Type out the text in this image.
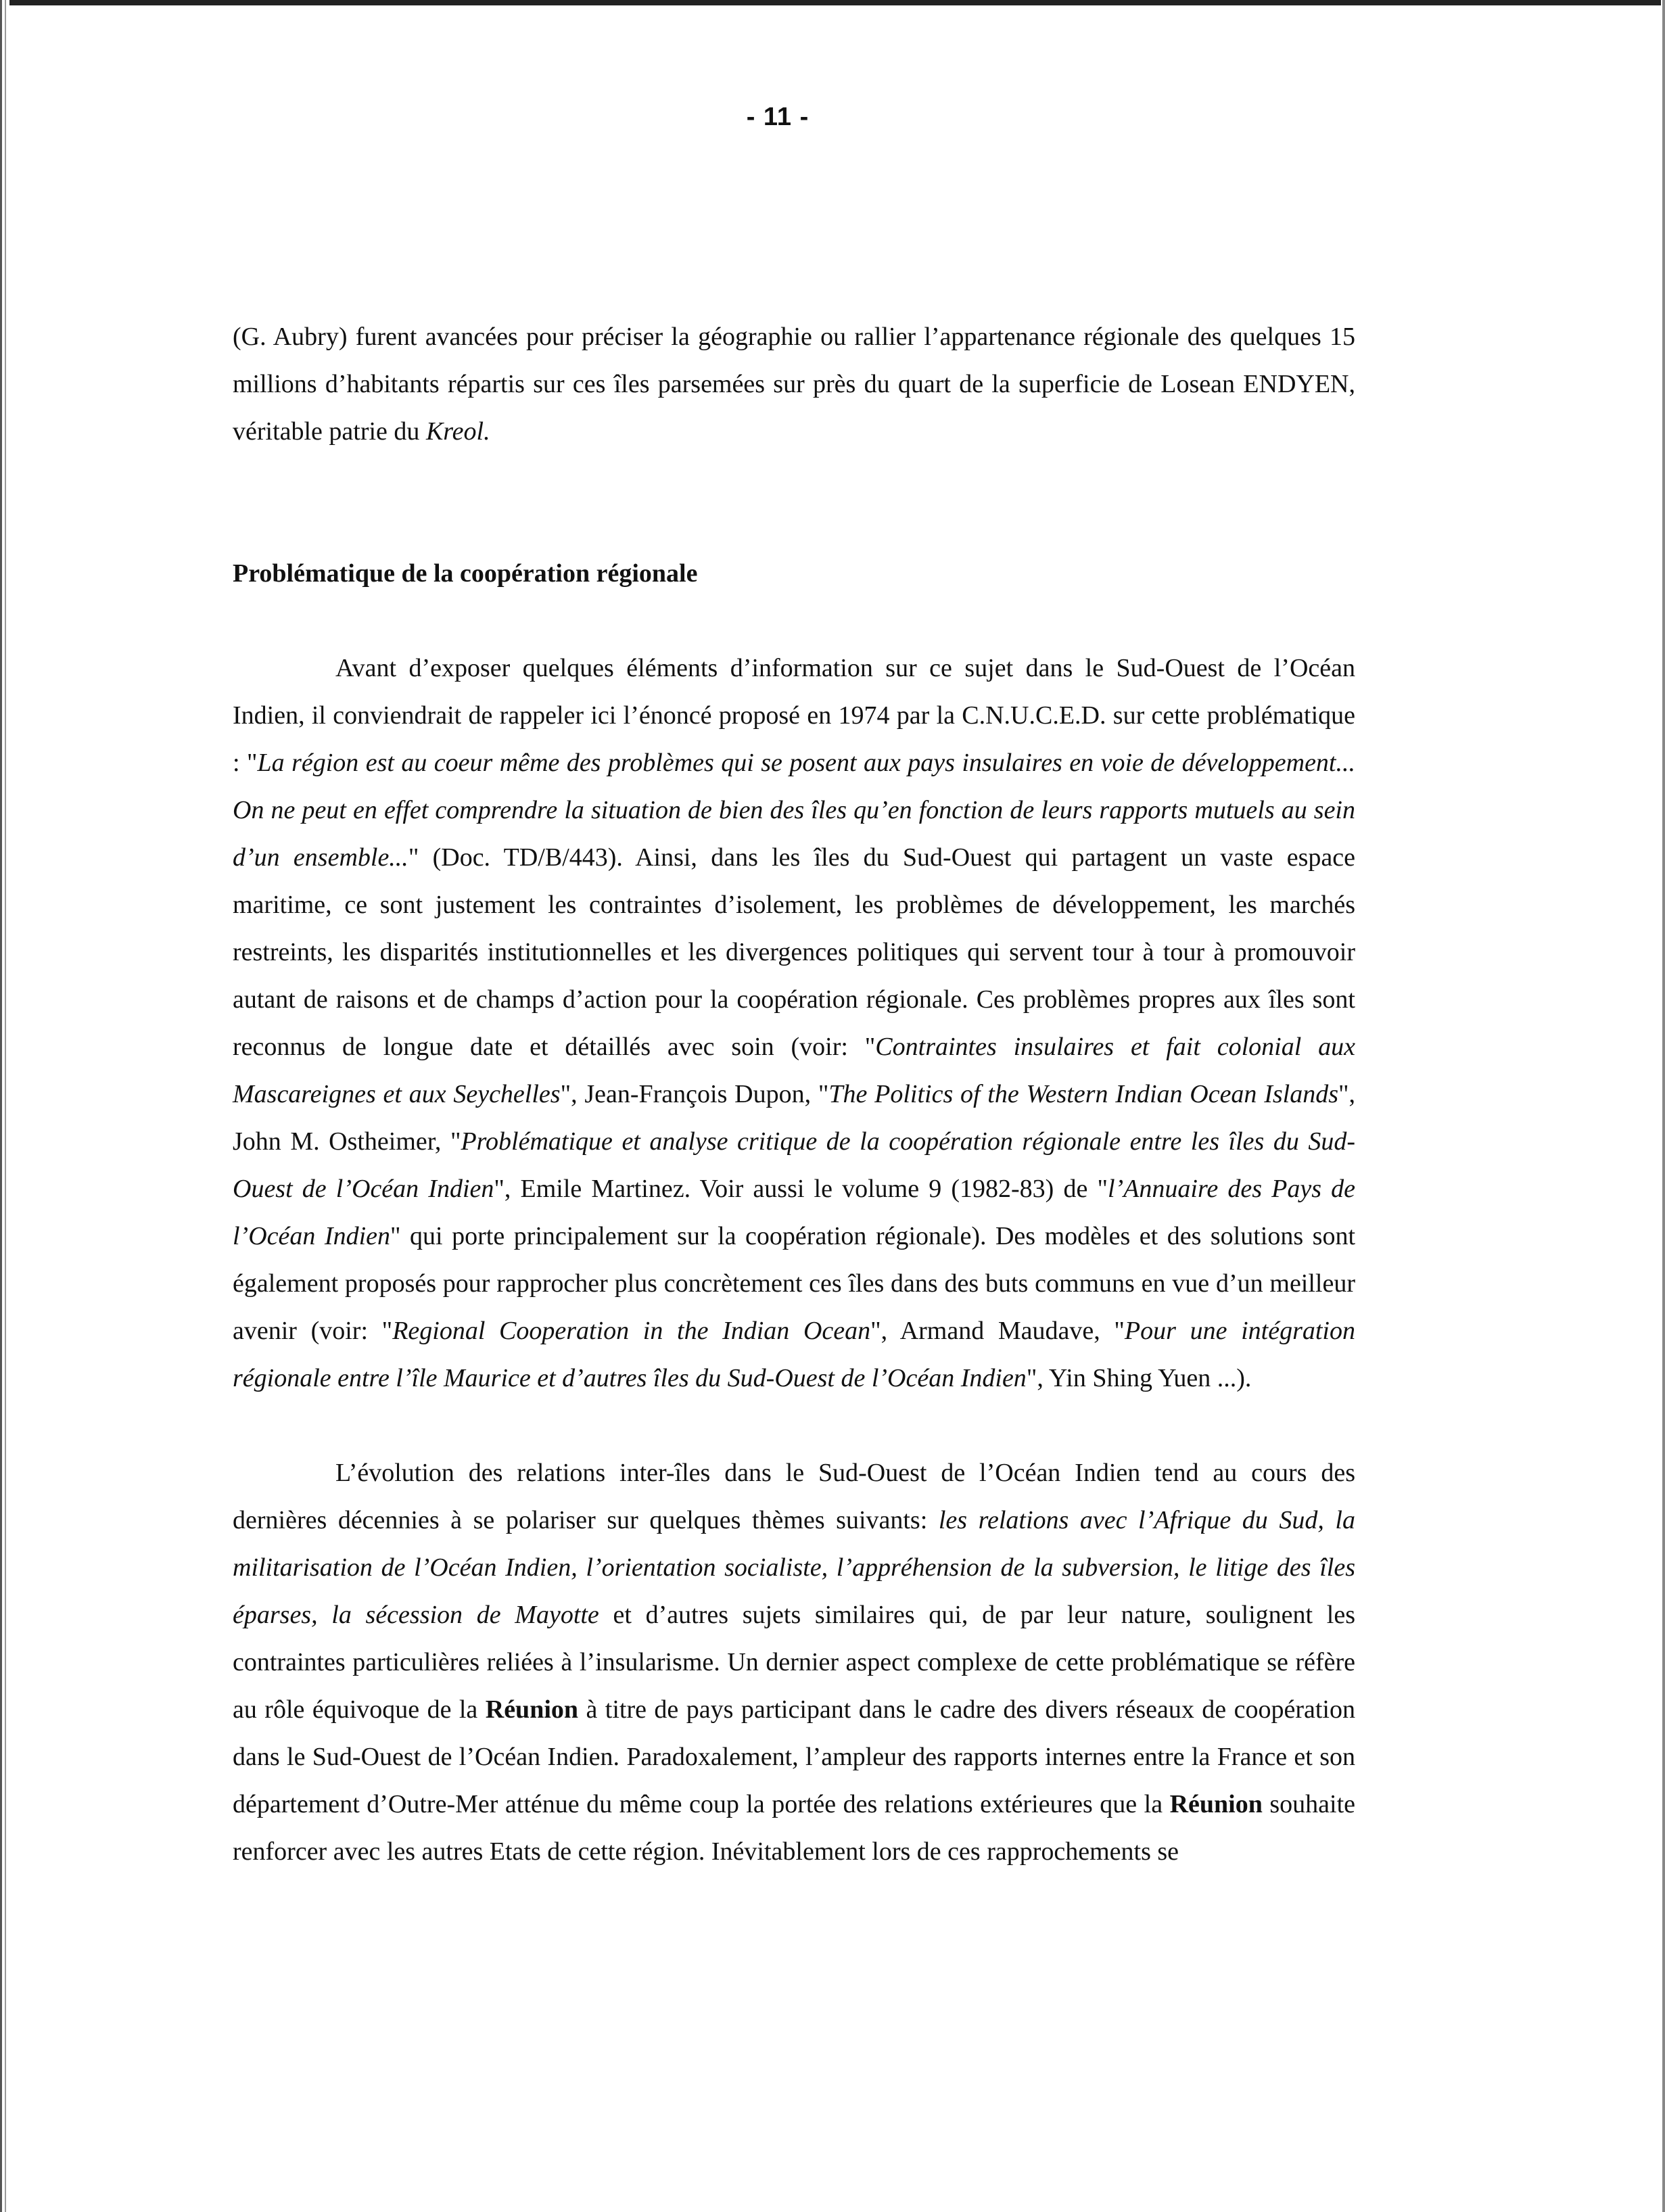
- 11 -

(G. Aubry) furent avancées pour préciser la géographie ou rallier l’appartenance régionale des quelques 15 millions d’habitants répartis sur ces îles parsemées sur près du quart de la superficie de Losean ENDYEN, véritable patrie du Kreol.

Problématique de la coopération régionale

Avant d’exposer quelques éléments d’information sur ce sujet dans le Sud-Ouest de l’Océan Indien, il conviendrait de rappeler ici l’énoncé proposé en 1974 par la C.N.U.C.E.D. sur cette problématique : "La région est au coeur même des problèmes qui se posent aux pays insulaires en voie de développement... On ne peut en effet comprendre la situation de bien des îles qu’en fonction de leurs rapports mutuels au sein d’un ensemble..." (Doc. TD/B/443). Ainsi, dans les îles du Sud-Ouest qui partagent un vaste espace maritime, ce sont justement les contraintes d’isolement, les problèmes de développement, les marchés restreints, les disparités institutionnelles et les divergences politiques qui servent tour à tour à promouvoir autant de raisons et de champs d’action pour la coopération régionale. Ces problèmes propres aux îles sont reconnus de longue date et détaillés avec soin (voir: "Contraintes insulaires et fait colonial aux Mascareignes et aux Seychelles", Jean-François Dupon, "The Politics of the Western Indian Ocean Islands", John M. Ostheimer, "Problématique et analyse critique de la coopération régionale entre les îles du Sud-Ouest de l’Océan Indien", Emile Martinez. Voir aussi le volume 9 (1982-83) de "l’Annuaire des Pays de l’Océan Indien" qui porte principalement sur la coopération régionale). Des modèles et des solutions sont également proposés pour rapprocher plus concrètement ces îles dans des buts communs en vue d’un meilleur avenir (voir: "Regional Cooperation in the Indian Ocean", Armand Maudave, "Pour une intégration régionale entre l’île Maurice et d’autres îles du Sud-Ouest de l’Océan Indien", Yin Shing Yuen ...).

L’évolution des relations inter-îles dans le Sud-Ouest de l’Océan Indien tend au cours des dernières décennies à se polariser sur quelques thèmes suivants: les relations avec l’Afrique du Sud, la militarisation de l’Océan Indien, l’orientation socialiste, l’appréhension de la subversion, le litige des îles éparses, la sécession de Mayotte et d’autres sujets similaires qui, de par leur nature, soulignent les contraintes particulières reliées à l’insularisme. Un dernier aspect complexe de cette problématique se réfère au rôle équivoque de la Réunion à titre de pays participant dans le cadre des divers réseaux de coopération dans le Sud-Ouest de l’Océan Indien. Paradoxalement, l’ampleur des rapports internes entre la France et son département d’Outre-Mer atténue du même coup la portée des relations extérieures que la Réunion souhaite renforcer avec les autres Etats de cette région. Inévitablement lors de ces rapprochements se
